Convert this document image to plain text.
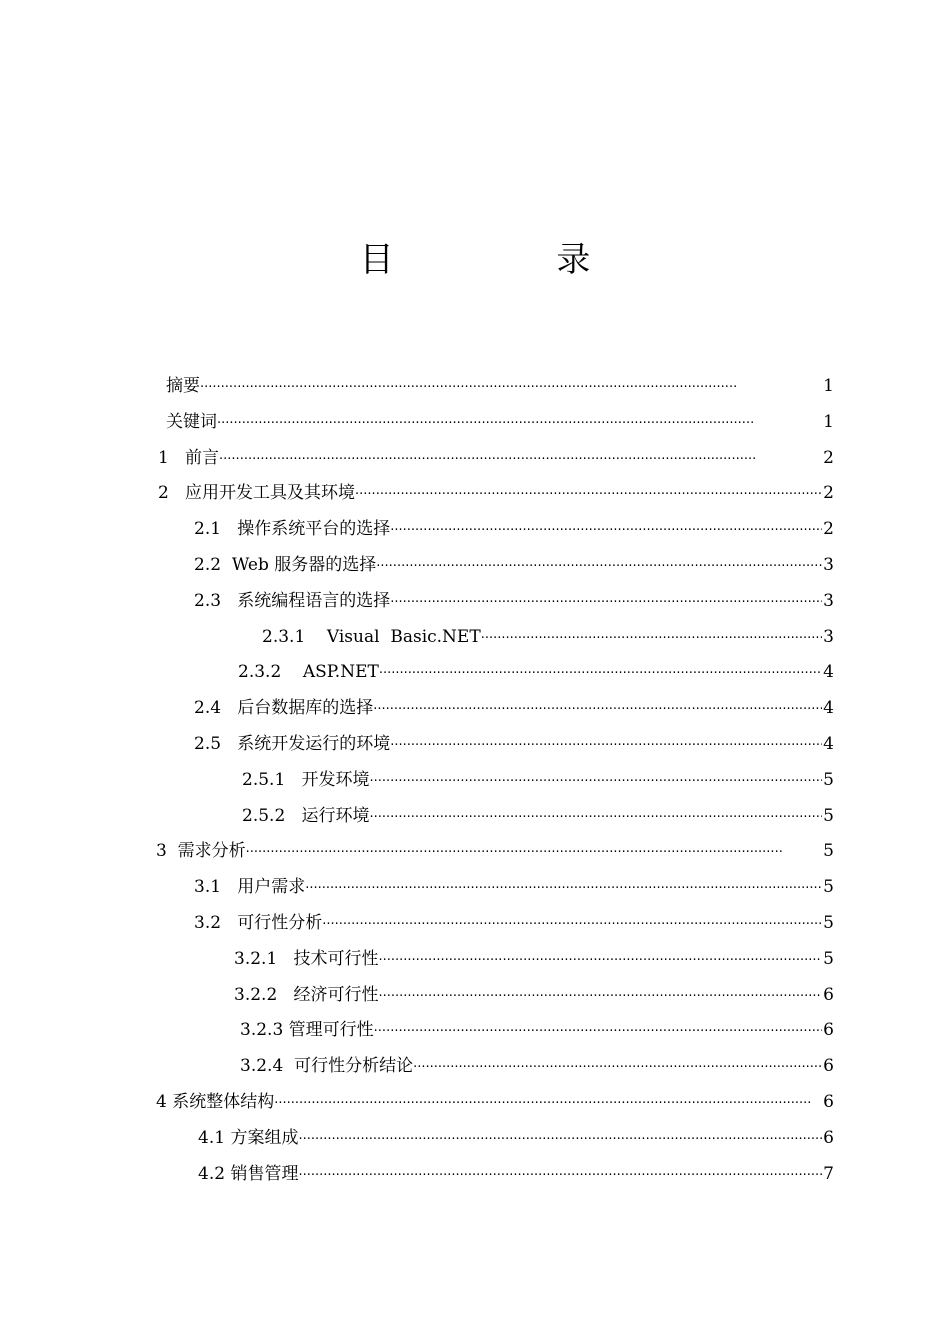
目 录
摘要 ·····	1
关键词 ·····	1
1   前言 ·····	2
2   应用开发工具及其环境 ·····	2
2.1   操作系统平台的选择 ·····	2
2.2  Web 服务器的选择 ·····	3
2.3   系统编程语言的选择 ·····	3
2.3.1    Visual  Basic.NET ·····	3
2.3.2    ASP.NET ·····	4
2.4   后台数据库的选择 ·····	4
2.5   系统开发运行的环境 ·····	4
2.5.1   开发环境 ·····	5
2.5.2   运行环境 ·····	5
3  需求分析 ·····	5
3.1   用户需求 ·····	5
3.2   可行性分析 ·····	5
3.2.1   技术可行性 ·····	5
3.2.2   经济可行性 ·····	6
3.2.3 管理可行性 ·····	6
3.2.4  可行性分析结论 ·····	6
4 系统整体结构 ·····	6
4.1 方案组成 ·····	6
4.2 销售管理 ·····	7
